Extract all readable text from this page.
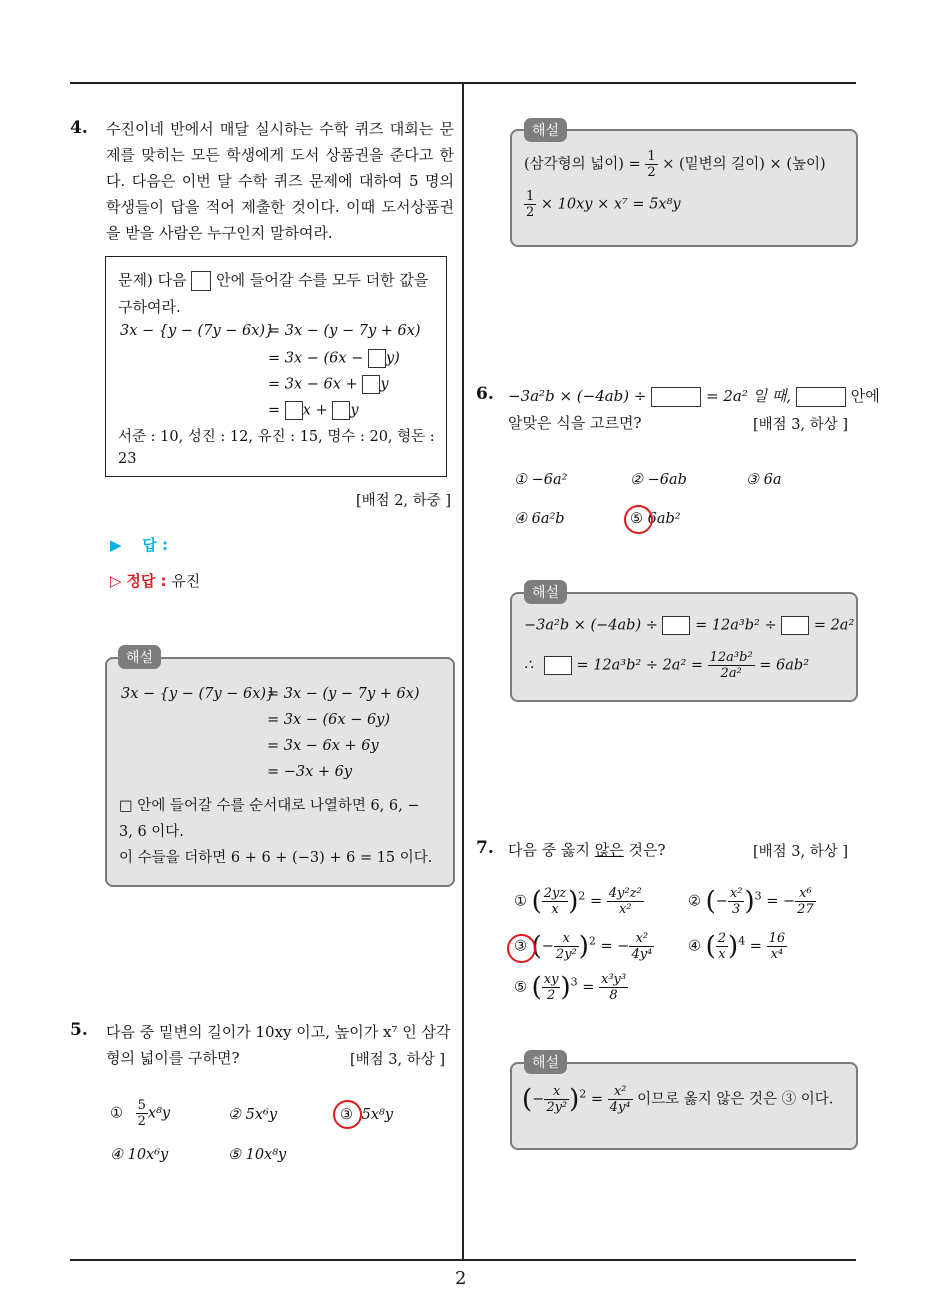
2
4. 수진이네 반에서 매달 실시하는 수학 퀴즈 대회는 문제를 맞히는 모든 학생에게 도서 상품권을 준다고 한다. 다음은 이번 달 수학 퀴즈 문제에 대하여 5 명의 학생들이 답을 적어 제출한 것이다. 이때 도서상품권을 받을 사람은 누구인지 말하여라.
문제) 다음 안에 들어갈 수를 모두 더한 값을
구하여라.
3x − {y − (7y − 6x)}
= 3x − (y − 7y + 6x)
= 3x − (6x − y)
= 3x − 6x + y
= x + y
서준 : 10, 성진 : 12, 유진 : 15, 명수 : 20, 형돈 :
23
[배점 2, 하중 ]
▶ 답 :
▷ 정답 : 유진
3x − {y − (7y − 6x)}
= 3x − (y − 7y + 6x)
= 3x − (6x − 6y)
= 3x − 6x + 6y
= −3x + 6y
□ 안에 들어갈 수를 순서대로 나열하면 6, 6, −
3, 6 이다.
이 수들을 더하면 6 + 6 + (−3) + 6 = 15 이다.
해설
5. 다음 중 밑변의 길이가 10xy 이고, 높이가 x⁷ 인 삼각
형의 넓이를 구하면?	[배점 3, 하상 ]
① $\frac{5}{2} x^8y$	② 5x⁶y	③ 5x⁸y
④ 10x⁶y	⑤ 10x⁸y
(삼각형의 넓이) = $\frac{1}{2}$ × (밑변의 길이) × (높이)
$\frac{1}{2} \times 10xy \times x^7 = 5x^8y$
해설
6. −3a²b × (−4ab) ÷	= 2a² 일 때,	안에
알맞은 식을 고르면?	[배점 3, 하상 ]
① −6a²	② −6ab	③ 6a
④ 6a²b	⑤ 6ab²
−3a²b × (−4ab) ÷	= 12a³b² ÷	= 2a²
∴	= $12a^3b^2 \div 2a^2 = \frac{\text{12a³b²}}{\text{2a²}} = 6ab^2$
해설
7. 다음 중 옳지 않은 것은?	[배점 3, 하상 ]
① ( $\frac{2yz}{x} )^2 = \frac{\text{4y²z²}}{\text{x²}}$	② (− $\frac{\text{x²}}{3} )^3$ = − $\frac{\text{x⁶}}{27}$
③ (− $\frac{x}{\text{2y²}} )^2$ = − $\frac{\text{x²}}{\text{4y⁴}}$ ④ ( $\frac{2}{x} )^4 = \frac{16}{\text{x⁴}}$
⑤ ( $\frac{xy}{2} )^3 = \frac{\text{x³y³}}{8}$
(− $\frac{x}{\text{2y²}} )^2 = \frac{\text{x²}}{\text{4y⁴}}$ 이므로 옳지 않은 것은 ③ 이다.
해설
